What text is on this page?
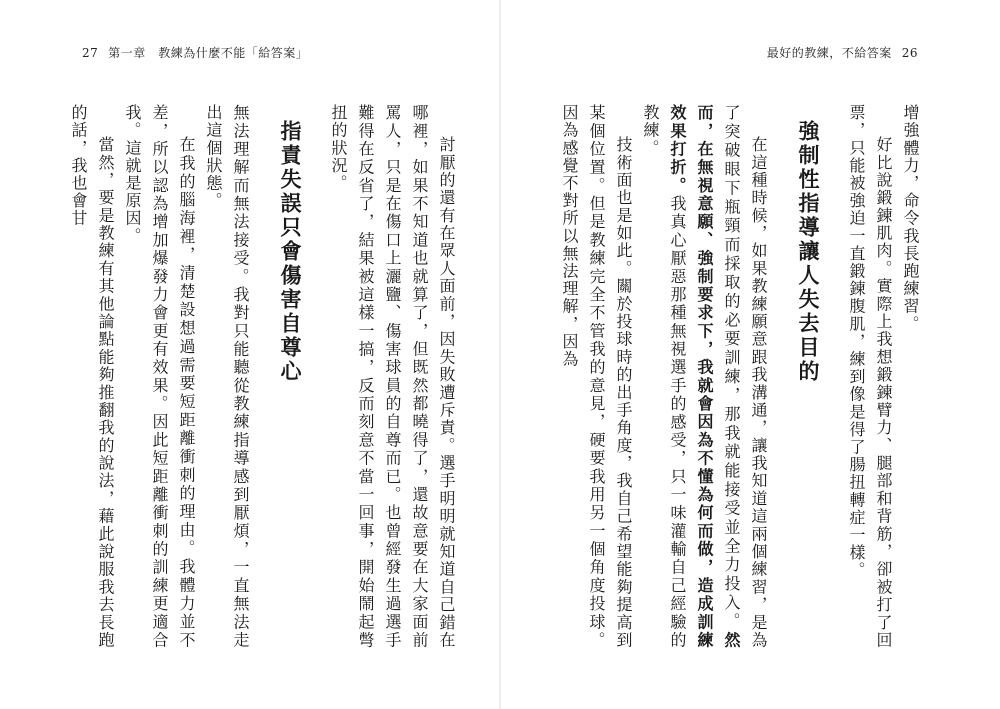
27 第一章　教練為什麼不能「給答案」

討厭的還有在眾人面前，因失敗遭斥責。選手明明就知道自己錯在哪裡，如果不知道也就算了，但既然都曉得了，還故意要在大家面前罵人，只是在傷口上灑鹽、傷害球員的自尊而已。也曾經發生過選手難得在反省了，結果被這樣一搞，反而刻意不當一回事，開始鬧起彆扭的狀況。

指責失誤只會傷害自尊心

無法理解而無法接受。我對只能聽從教練指導感到厭煩，一直無法走出這個狀態。

在我的腦海裡，清楚設想過需要短距離衝刺的理由。我體力並不差，所以認為增加爆發力會更有效果。因此短距離衝刺的訓練更適合我。這就是原因。

當然，要是教練有其他論點能夠推翻我的說法，藉此說服我去長跑的話，我也會甘

最好的教練，不給答案 26

增強體力，命令我長跑練習。

好比說鍛鍊肌肉。實際上我想鍛鍊臂力、腿部和背筋，卻被打了回票，只能被強迫一直鍛鍊腹肌，練到像是得了腸扭轉症一樣。

強制性指導讓人失去目的

在這種時候，如果教練願意跟我溝通，讓我知道這兩個練習，是為了突破眼下瓶頸而採取的必要訓練，那我就能接受並全力投入。然而，在無視意願、強制要求下，我就會因為不懂為何而做，造成訓練效果打折。我真心厭惡那種無視選手的感受，只一味灌輸自己經驗的教練。

技術面也是如此。關於投球時的出手角度，我自己希望能夠提高到某個位置。但是教練完全不管我的意見，硬要我用另一個角度投球。因為感覺不對所以無法理解，因為
